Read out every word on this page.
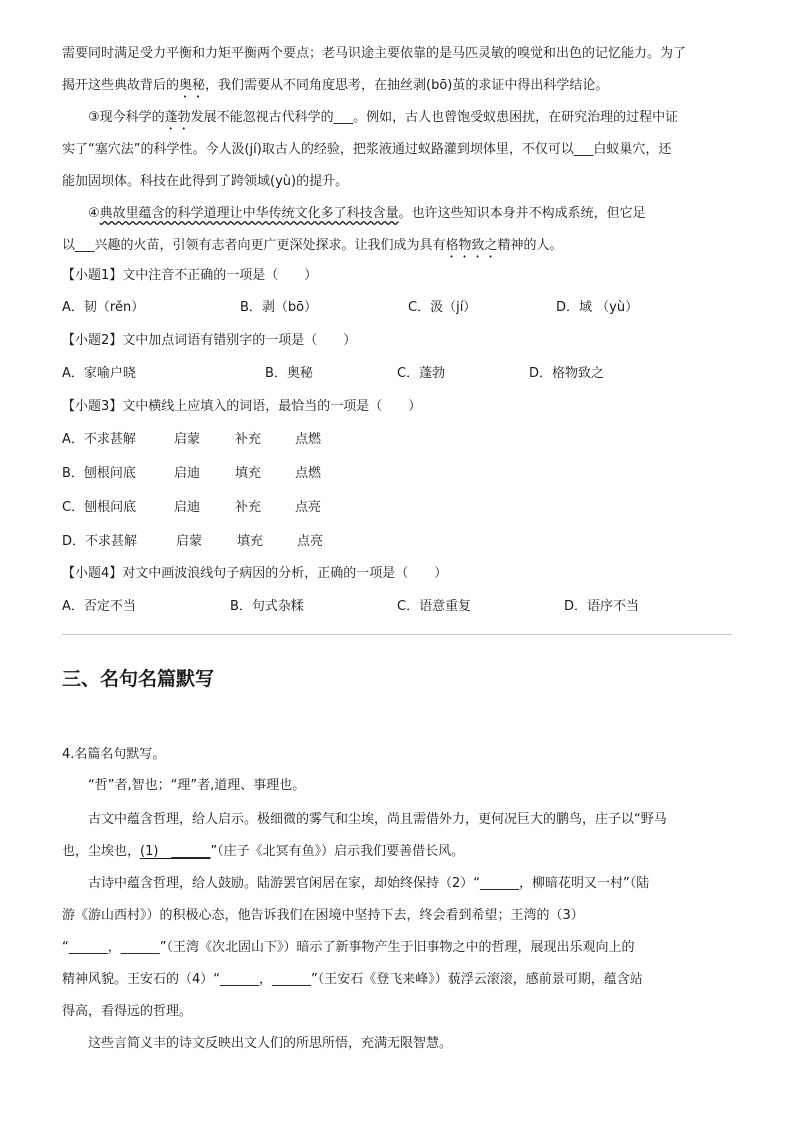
需要同时满足受力平衡和力矩平衡两个要点；老马识途主要依靠的是马匹灵敏的嗅觉和出色的记忆能力。为了
揭开这些典故背后的奥秘，我们需要从不同角度思考，在抽丝剥(bō)茧的求证中得出科学结论。
③现今科学的蓬勃发展不能忽视古代科学的___。例如，古人也曾饱受蚁患困扰，在研究治理的过程中证
实了“塞穴法”的科学性。今人汲(jí)取古人的经验，把浆液通过蚁路灌到坝体里，不仅可以___白蚁巢穴，还
能加固坝体。科技在此得到了跨领域(yù)的提升。
④典故里蕴含的科学道理让中华传统文化多了科技含量。也许这些知识本身并不构成系统，但它足
以___兴趣的火苗，引领有志者向更广更深处探求。让我们成为具有格物致之精神的人。
【小题1】文中注音不正确的一项是（　　）
A．韧（rěn）	B．剥（bō）	C．汲（jí）	D．域 （yù）
【小题2】文中加点词语有错别字的一项是（　　）
A．家喻户晓	B．奥秘	C．蓬勃	D．格物致之
【小题3】文中横线上应填入的词语，最恰当的一项是（　　）
A．不求甚解	启蒙	补充	点燃
B．刨根问底	启迪	填充	点燃
C．刨根问底	启迪	补充	点亮
D．不求甚解	启蒙	填充	点亮
【小题4】对文中画波浪线句子病因的分析，正确的一项是（　　）
A．否定不当	B．句式杂糅	C．语意重复	D．语序不当
三、名句名篇默写
4.名篇名句默写。
“哲”者,智也；“理”者,道理、事理也。
古文中蕴含哲理，给人启示。极细微的雾气和尘埃，尚且需借外力，更何况巨大的鹏鸟，庄子以“野马
也，尘埃也，(1)　______”（庄子《北冥有鱼》）启示我们要善借长风。
古诗中蕴含哲理，给人鼓励。陆游罢官闲居在家，却始终保持（2）“______，柳暗花明又一村”（陆
游《游山西村》）的积极心态，他告诉我们在困境中坚持下去，终会看到希望；王湾的（3）
“______，______”（王湾《次北固山下》）暗示了新事物产生于旧事物之中的哲理，展现出乐观向上的
精神风貌。王安石的（4）“______，______”（王安石《登飞来峰》）藐浮云滚滚，感前景可期，蕴含站
得高，看得远的哲理。
这些言简义丰的诗文反映出文人们的所思所悟，充满无限智慧。
